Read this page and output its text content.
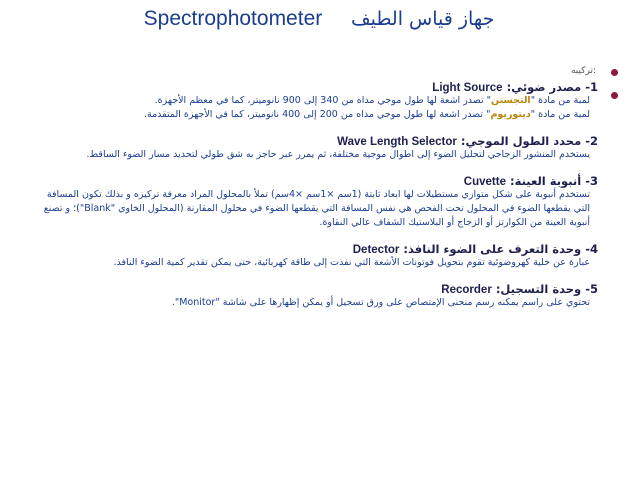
Spectrophotometer جهاز قياس الطيف
تركيبه:
1- مصدر ضوئي: Light Source
لمبة من مادة "التجستن" تصدر اشعة لها طول موجي مداه من 340 إلى 900 نانوميتر، كما في معظم الأجهزة.
لمبة من مادة "ديتوريوم" تصدر اشعة لها طول موجي مداه من 200 إلى 400 نانوميتر، كما في الأجهزة المتقدمة.
2- محدد الطول الموجي: Wave Length Selector
يستخدم المنشور الزجاجي لتحليل الضوء إلى اطوال موجية مختلفة، ثم يمرر عبر حاجز به شق طولي لتحديد مسار الضوء الساقط.
3- أنبوبة العينة: Cuvette
تستخدم أنبوبة على شكل متوازي مستطيلات لها ابعاد ثابتة (1سم ×1سم ×4سم) تملأ بالمحلول المراد معرفة تركيزه و بذلك تكون المسافة التي يقطعها الضوء في المحلول تحت الفحص هي نفس المسافة التي يقطعها الضوء في محلول المقارنة (المحلول الخاوي "Blank")؛ و تصنع أنبوبة العينة من الكوارتز أو الزجاج أو البلاستيك الشفاف عالي النقاوة.
4- وحدة التعرف على الضوء النافذ: Detector
عبارة عن خلية كهروضوئية تقوم بتحويل فوتونات الأشعة التي نفذت إلى طاقة كهربائية، حتى يمكن تقدير كمية الضوء النافذ.
5- وحدة التسجيل: Recorder
تحتوي على راسم يمكنه رسم منحنى الإمتصاص على ورق تسجيل أو يمكن إظهارها على شاشة "Monitor".
